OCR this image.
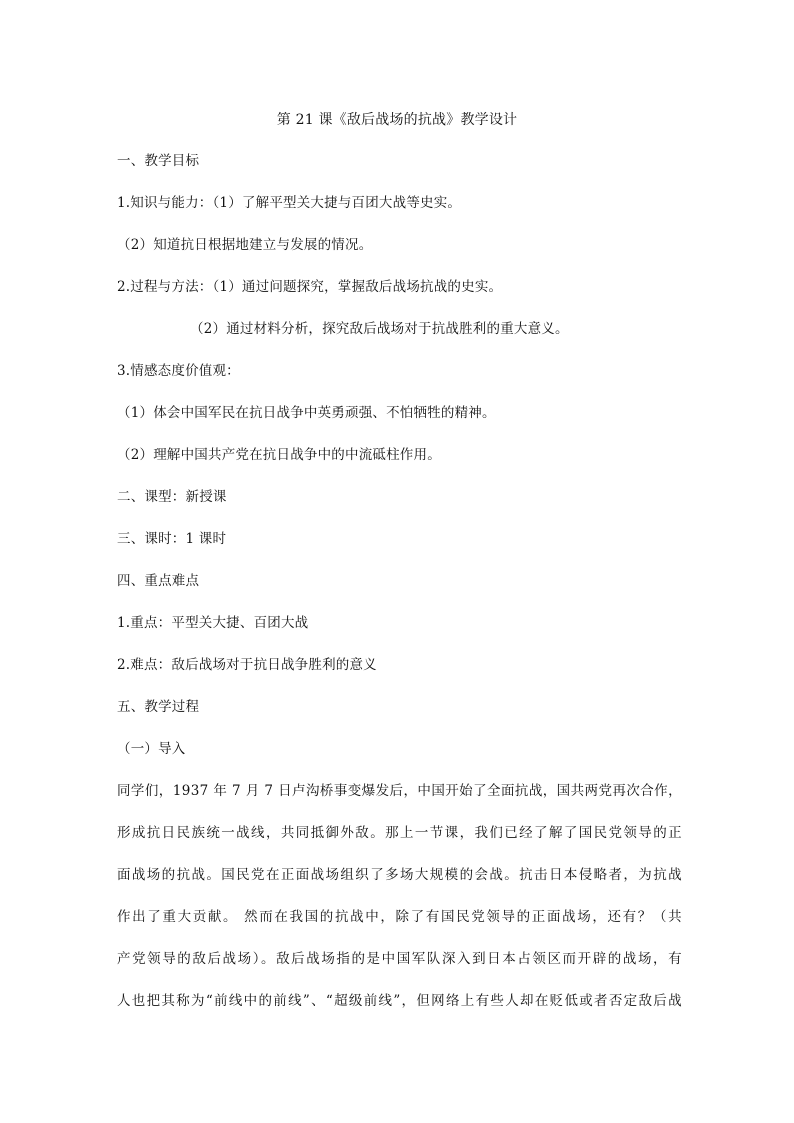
第 21 课《敌后战场的抗战》教学设计
一、教学目标
1.知识与能力：（1）了解平型关大捷与百团大战等史实。
（2）知道抗日根据地建立与发展的情况。
2.过程与方法：（1）通过问题探究，掌握敌后战场抗战的史实。
（2）通过材料分析，探究敌后战场对于抗战胜利的重大意义。
3.情感态度价值观：
（1）体会中国军民在抗日战争中英勇顽强、不怕牺牲的精神。
（2）理解中国共产党在抗日战争中的中流砥柱作用。
二、课型：新授课
三、课时：1 课时
四、重点难点
1.重点：平型关大捷、百团大战
2.难点：敌后战场对于抗日战争胜利的意义
五、教学过程
（一）导入
同学们，1937 年 7 月 7 日卢沟桥事变爆发后，中国开始了全面抗战，国共两党再次合作，
形成抗日民族统一战线，共同抵御外敌。那上一节课，我们已经了解了国民党领导的正
面战场的抗战。国民党在正面战场组织了多场大规模的会战。抗击日本侵略者，为抗战
作出了重大贡献。 然而在我国的抗战中，除了有国民党领导的正面战场，还有？（共
产党领导的敌后战场）。敌后战场指的是中国军队深入到日本占领区而开辟的战场，有
人也把其称为“前线中的前线”、“超级前线”，但网络上有些人却在贬低或者否定敌后战
